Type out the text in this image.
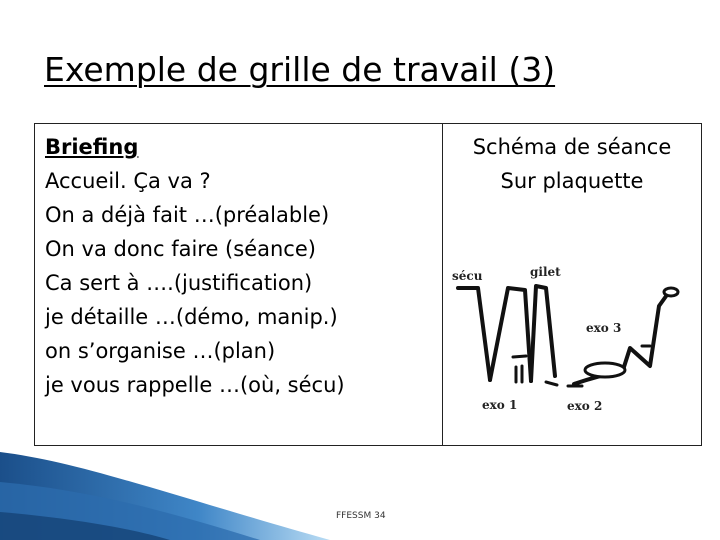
Exemple de grille de travail (3)
Briefing
Accueil. Ça va ?
On a déjà fait …(préalable)
On va donc faire (séance)
Ca sert à ….(justification)
je détaille …(démo, manip.)
on s’organise …(plan)
je vous rappelle …(où, sécu)
Schéma de séance
Sur plaquette
sécu	gilet
exo 3
exo 1	exo 2
FFESSM 34
